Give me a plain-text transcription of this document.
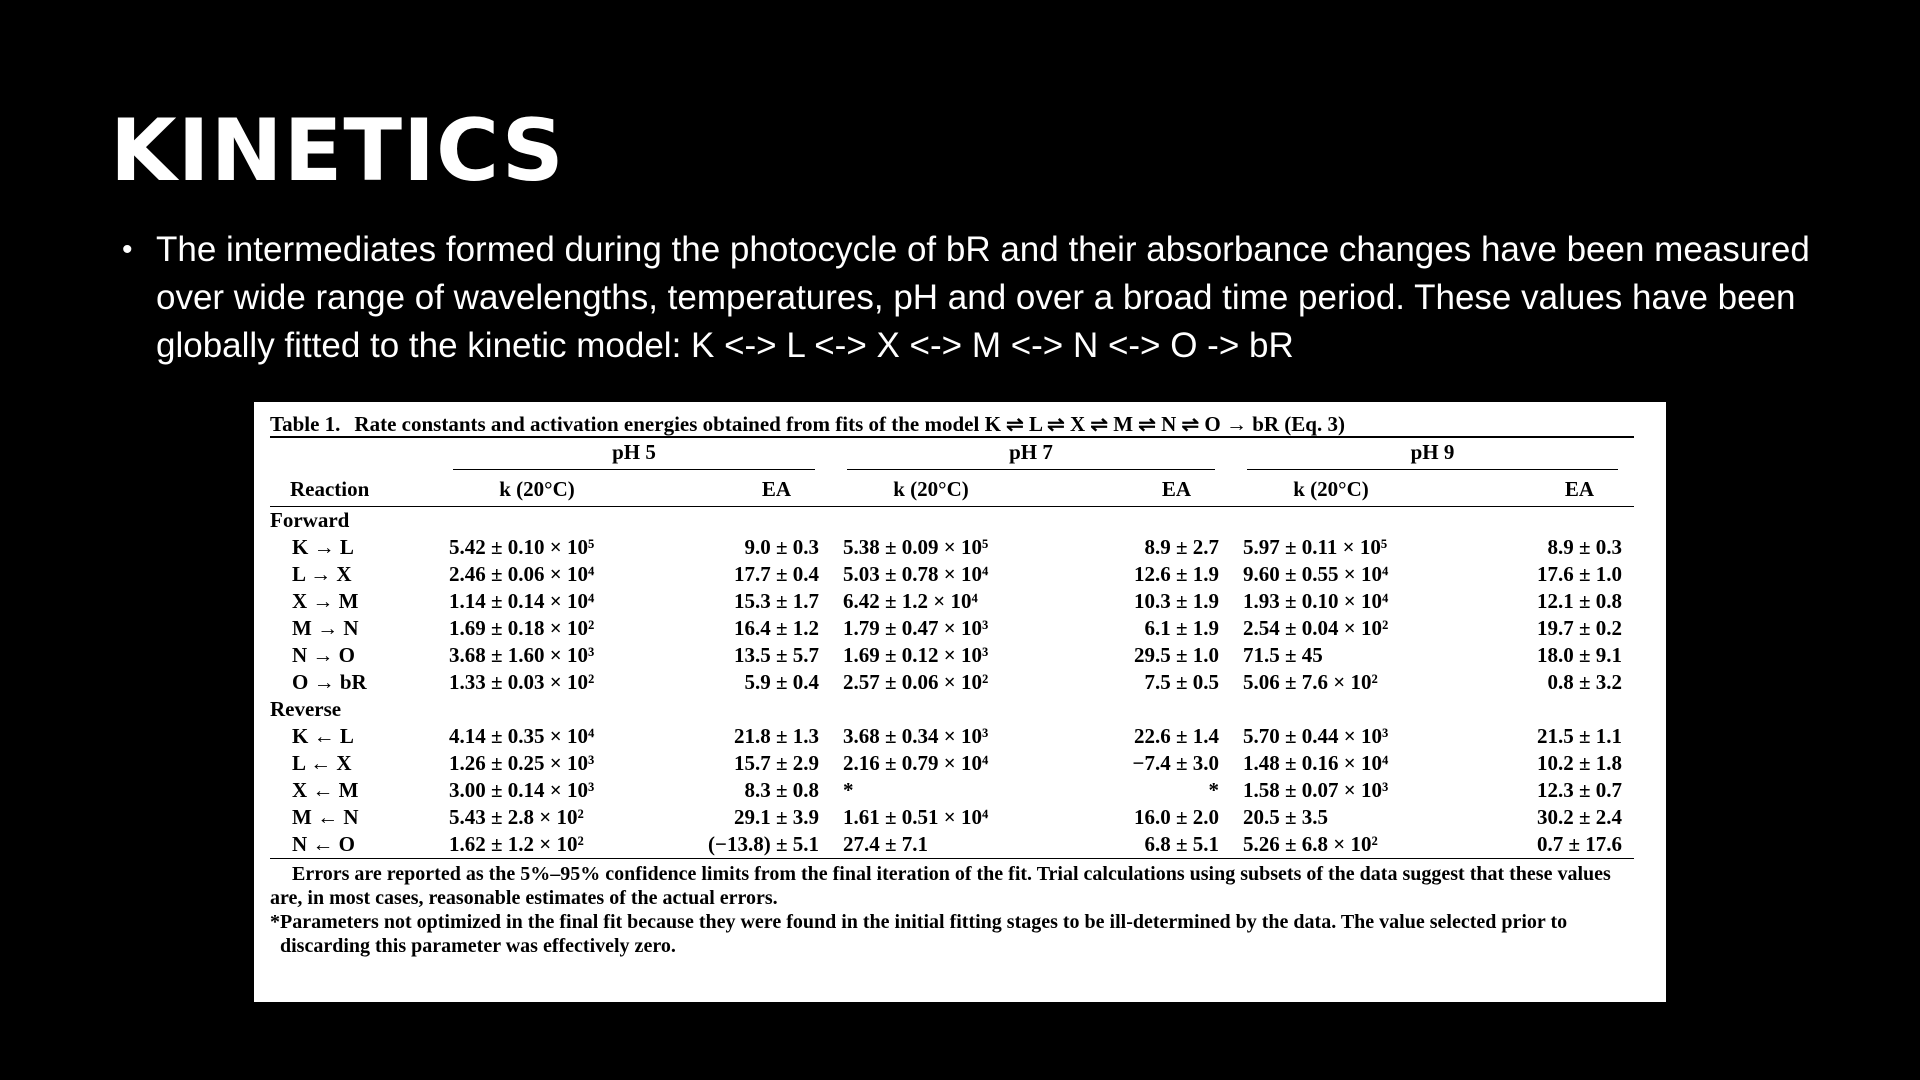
KINETICS
• The intermediates formed during the photocycle of bR and their absorbance changes have been measured over wide range of wavelengths, temperatures, pH and over a broad time period. These values have been globally fitted to the kinetic model: K <-> L <-> X <-> M <-> N <-> O -> bR
Table 1. Rate constants and activation energies obtained from fits of the model K ⇌ L ⇌ X ⇌ M ⇌ N ⇌ O → bR (Eq. 3)

	pH 5		pH 7		pH 9	

Reaction	k (20°C)	EA	k (20°C)	EA	k (20°C)	EA
Forward						
K → L	5.42 ± 0.10 × 10⁵	9.0 ± 0.3	5.38 ± 0.09 × 10⁵	8.9 ± 2.7	5.97 ± 0.11 × 10⁵	8.9 ± 0.3
L → X	2.46 ± 0.06 × 10⁴	17.7 ± 0.4	5.03 ± 0.78 × 10⁴	12.6 ± 1.9	9.60 ± 0.55 × 10⁴	17.6 ± 1.0
X → M	1.14 ± 0.14 × 10⁴	15.3 ± 1.7	6.42 ± 1.2 × 10⁴	10.3 ± 1.9	1.93 ± 0.10 × 10⁴	12.1 ± 0.8
M → N	1.69 ± 0.18 × 10²	16.4 ± 1.2	1.79 ± 0.47 × 10³	6.1 ± 1.9	2.54 ± 0.04 × 10²	19.7 ± 0.2
N → O	3.68 ± 1.60 × 10³	13.5 ± 5.7	1.69 ± 0.12 × 10³	29.5 ± 1.0	71.5 ± 45	18.0 ± 9.1
O → bR	1.33 ± 0.03 × 10²	5.9 ± 0.4	2.57 ± 0.06 × 10²	7.5 ± 0.5	5.06 ± 7.6 × 10²	0.8 ± 3.2
Reverse						
K ← L	4.14 ± 0.35 × 10⁴	21.8 ± 1.3	3.68 ± 0.34 × 10³	22.6 ± 1.4	5.70 ± 0.44 × 10³	21.5 ± 1.1
L ← X	1.26 ± 0.25 × 10³	15.7 ± 2.9	2.16 ± 0.79 × 10⁴	−7.4 ± 3.0	1.48 ± 0.16 × 10⁴	10.2 ± 1.8
X ← M	3.00 ± 0.14 × 10³	8.3 ± 0.8	*	*	1.58 ± 0.07 × 10³	12.3 ± 0.7
M ← N	5.43 ± 2.8 × 10²	29.1 ± 3.9	1.61 ± 0.51 × 10⁴	16.0 ± 2.0	20.5 ± 3.5	30.2 ± 2.4
N ← O	1.62 ± 1.2 × 10²	(−13.8) ± 5.1	27.4 ± 7.1	6.8 ± 5.1	5.26 ± 6.8 × 10²	0.7 ± 17.6
Errors are reported as the 5%–95% confidence limits from the final iteration of the fit. Trial calculations using subsets of the data suggest that these values are, in most cases, reasonable estimates of the actual errors.
*Parameters not optimized in the final fit because they were found in the initial fitting stages to be ill-determined by the data. The value selected prior to discarding this parameter was effectively zero.
